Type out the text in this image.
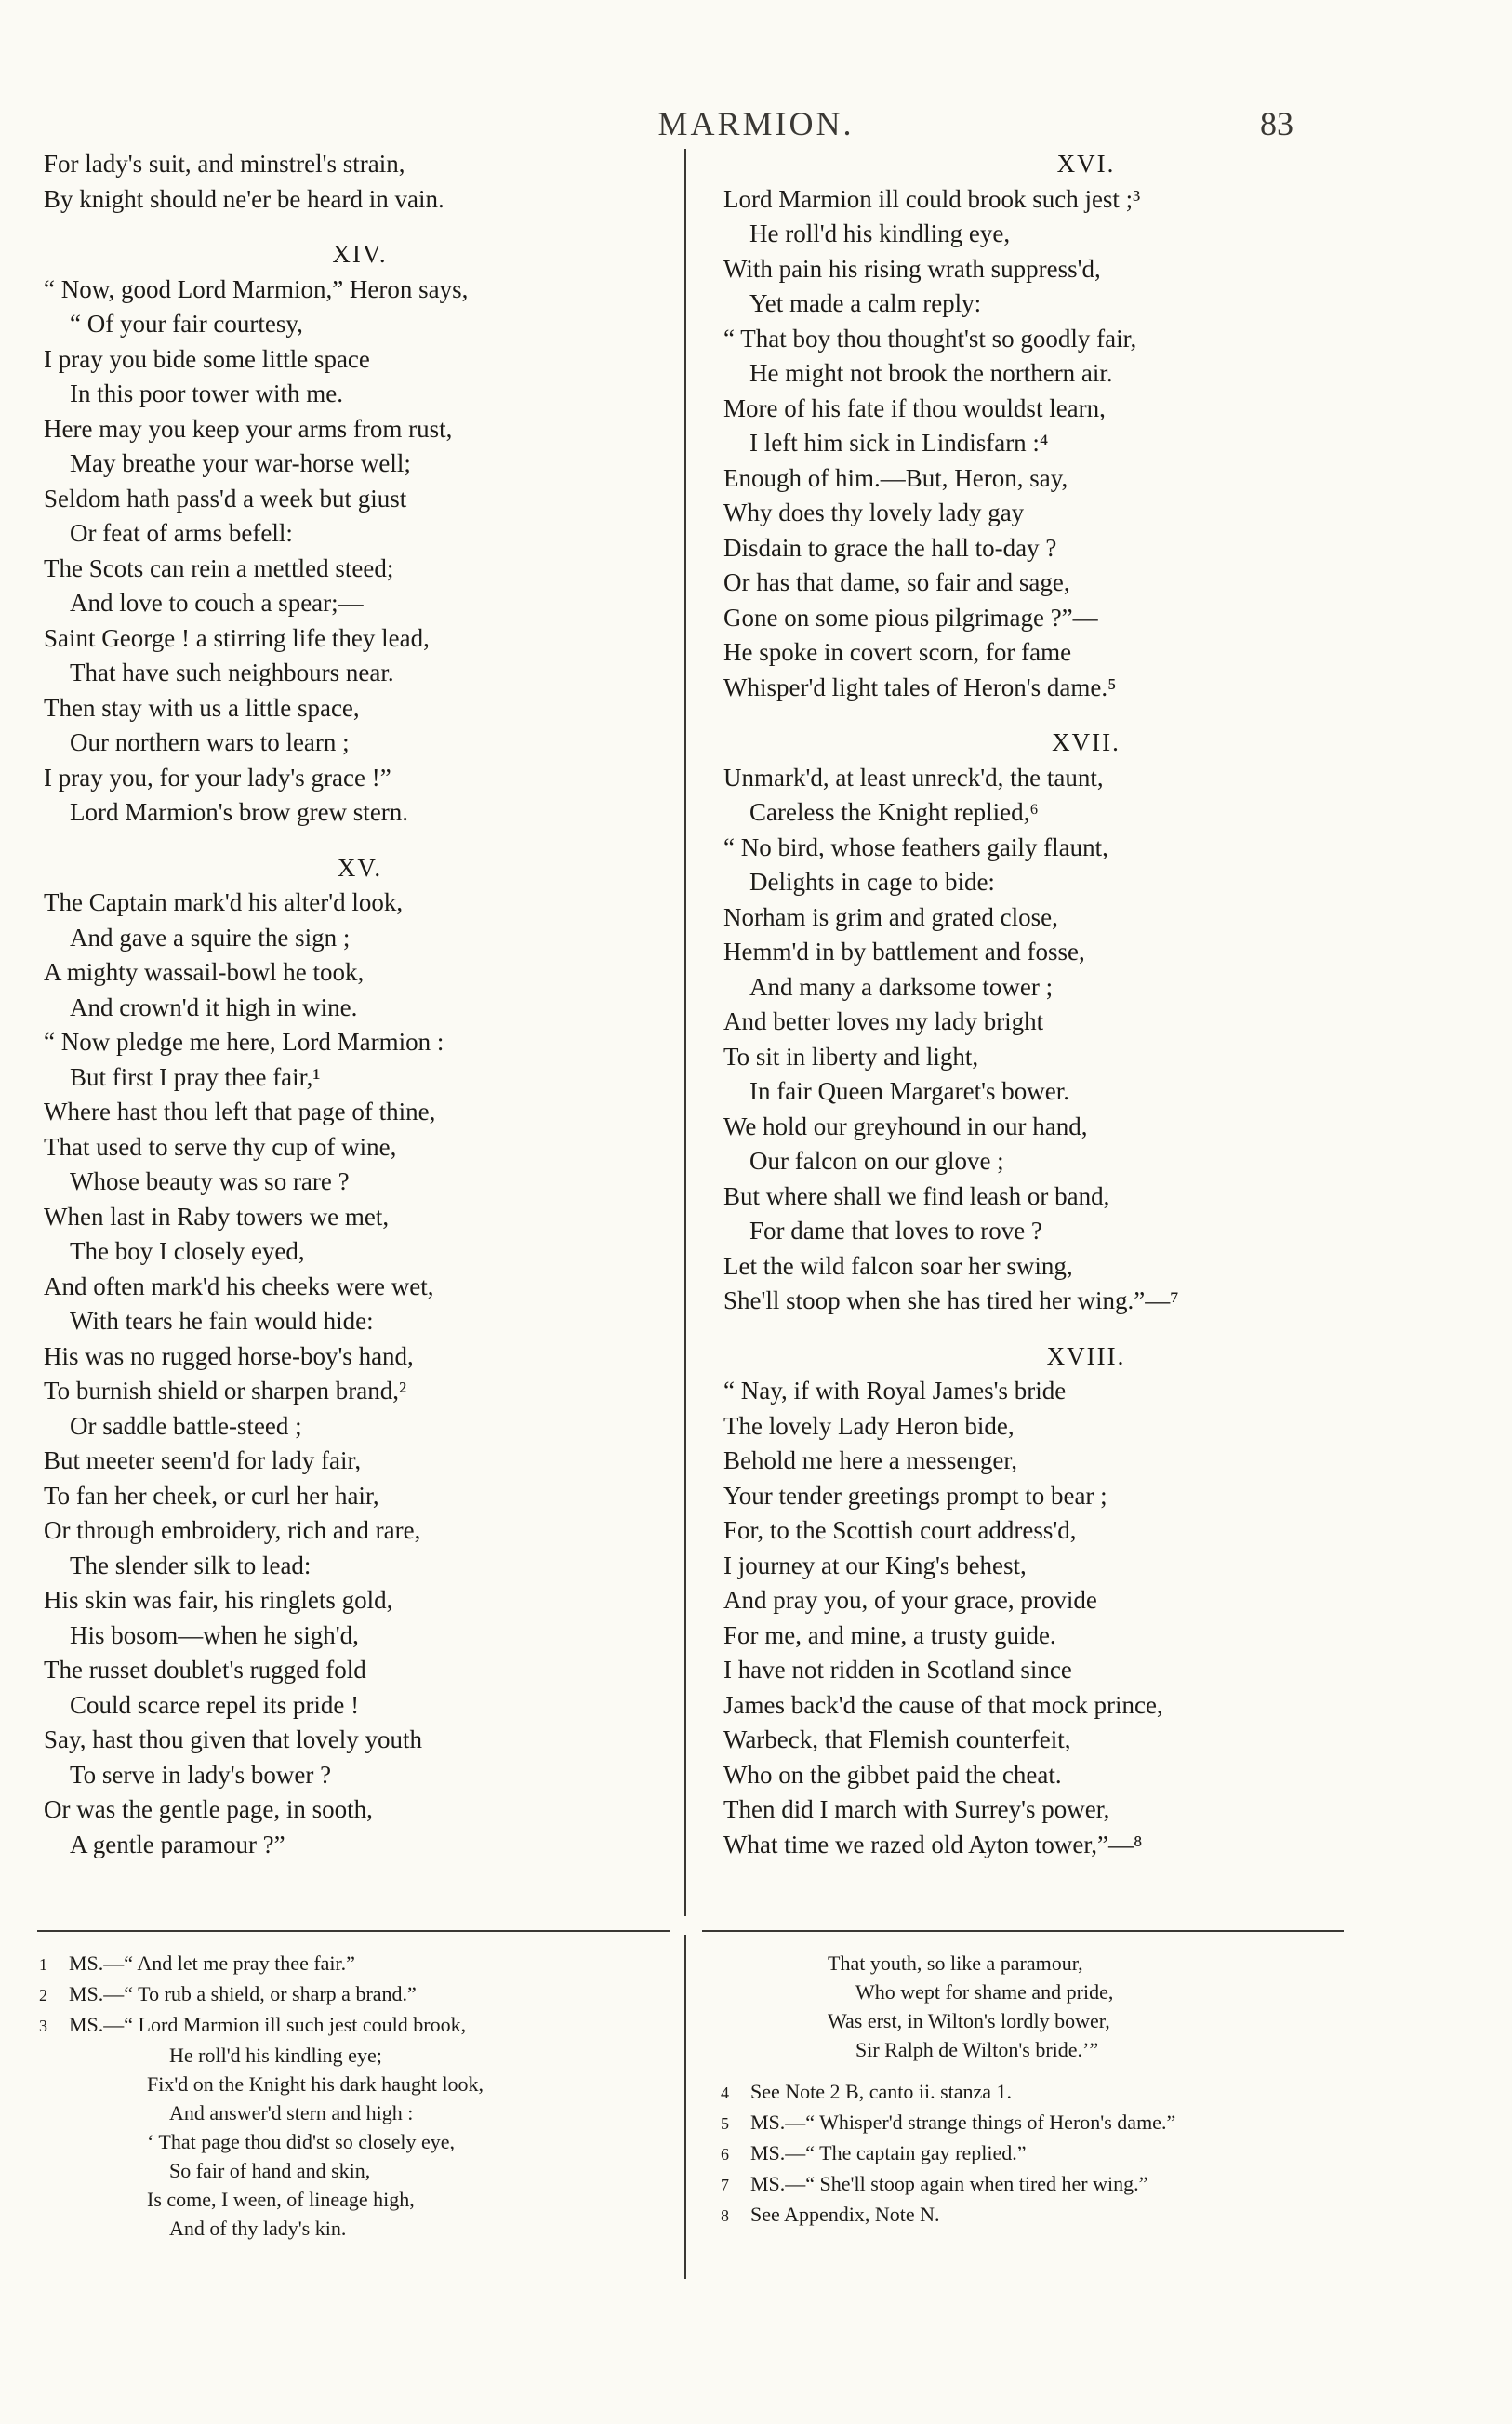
MARMION.	83
For lady's suit, and minstrel's strain,
By knight should ne'er be heard in vain.
XIV.
“ Now, good Lord Marmion,” Heron says,
“ Of your fair courtesy,
I pray you bide some little space
In this poor tower with me.
Here may you keep your arms from rust,
May breathe your war-horse well;
Seldom hath pass'd a week but giust
Or feat of arms befell:
The Scots can rein a mettled steed;
And love to couch a spear;—
Saint George ! a stirring life they lead,
That have such neighbours near.
Then stay with us a little space,
Our northern wars to learn ;
I pray you, for your lady's grace !”
Lord Marmion's brow grew stern.
XV.
The Captain mark'd his alter'd look,
And gave a squire the sign ;
A mighty wassail-bowl he took,
And crown'd it high in wine.
“ Now pledge me here, Lord Marmion :
But first I pray thee fair,¹
Where hast thou left that page of thine,
That used to serve thy cup of wine,
Whose beauty was so rare ?
When last in Raby towers we met,
The boy I closely eyed,
And often mark'd his cheeks were wet,
With tears he fain would hide:
His was no rugged horse-boy's hand,
To burnish shield or sharpen brand,²
Or saddle battle-steed ;
But meeter seem'd for lady fair,
To fan her cheek, or curl her hair,
Or through embroidery, rich and rare,
The slender silk to lead:
His skin was fair, his ringlets gold,
His bosom—when he sigh'd,
The russet doublet's rugged fold
Could scarce repel its pride !
Say, hast thou given that lovely youth
To serve in lady's bower ?
Or was the gentle page, in sooth,
A gentle paramour ?”
XVI.
Lord Marmion ill could brook such jest ;³
He roll'd his kindling eye,
With pain his rising wrath suppress'd,
Yet made a calm reply:
“ That boy thou thought'st so goodly fair,
He might not brook the northern air.
More of his fate if thou wouldst learn,
I left him sick in Lindisfarn :⁴
Enough of him.—But, Heron, say,
Why does thy lovely lady gay
Disdain to grace the hall to-day ?
Or has that dame, so fair and sage,
Gone on some pious pilgrimage ?”—
He spoke in covert scorn, for fame
Whisper'd light tales of Heron's dame.⁵
XVII.
Unmark'd, at least unreck'd, the taunt,
Careless the Knight replied,⁶
“ No bird, whose feathers gaily flaunt,
Delights in cage to bide:
Norham is grim and grated close,
Hemm'd in by battlement and fosse,
And many a darksome tower ;
And better loves my lady bright
To sit in liberty and light,
In fair Queen Margaret's bower.
We hold our greyhound in our hand,
Our falcon on our glove ;
But where shall we find leash or band,
For dame that loves to rove ?
Let the wild falcon soar her swing,
She'll stoop when she has tired her wing.”—⁷
XVIII.
“ Nay, if with Royal James's bride
The lovely Lady Heron bide,
Behold me here a messenger,
Your tender greetings prompt to bear ;
For, to the Scottish court address'd,
I journey at our King's behest,
And pray you, of your grace, provide
For me, and mine, a trusty guide.
I have not ridden in Scotland since
James back'd the cause of that mock prince,
Warbeck, that Flemish counterfeit,
Who on the gibbet paid the cheat.
Then did I march with Surrey's power,
What time we razed old Ayton tower,”—⁸
1 MS.—“ And let me pray thee fair.”
2 MS.—“ To rub a shield, or sharp a brand.”
3 MS.—“ Lord Marmion ill such jest could brook,
He roll'd his kindling eye;
Fix'd on the Knight his dark haught look,
And answer'd stern and high :
‘ That page thou did'st so closely eye,
So fair of hand and skin,
Is come, I ween, of lineage high,
And of thy lady's kin.
That youth, so like a paramour,
Who wept for shame and pride,
Was erst, in Wilton's lordly bower,
Sir Ralph de Wilton's bride.’”
4 See Note 2 B, canto ii. stanza 1.
5 MS.—“ Whisper'd strange things of Heron's dame.”
6 MS.—“ The captain gay replied.”
7 MS.—“ She'll stoop again when tired her wing.”
8 See Appendix, Note N.
